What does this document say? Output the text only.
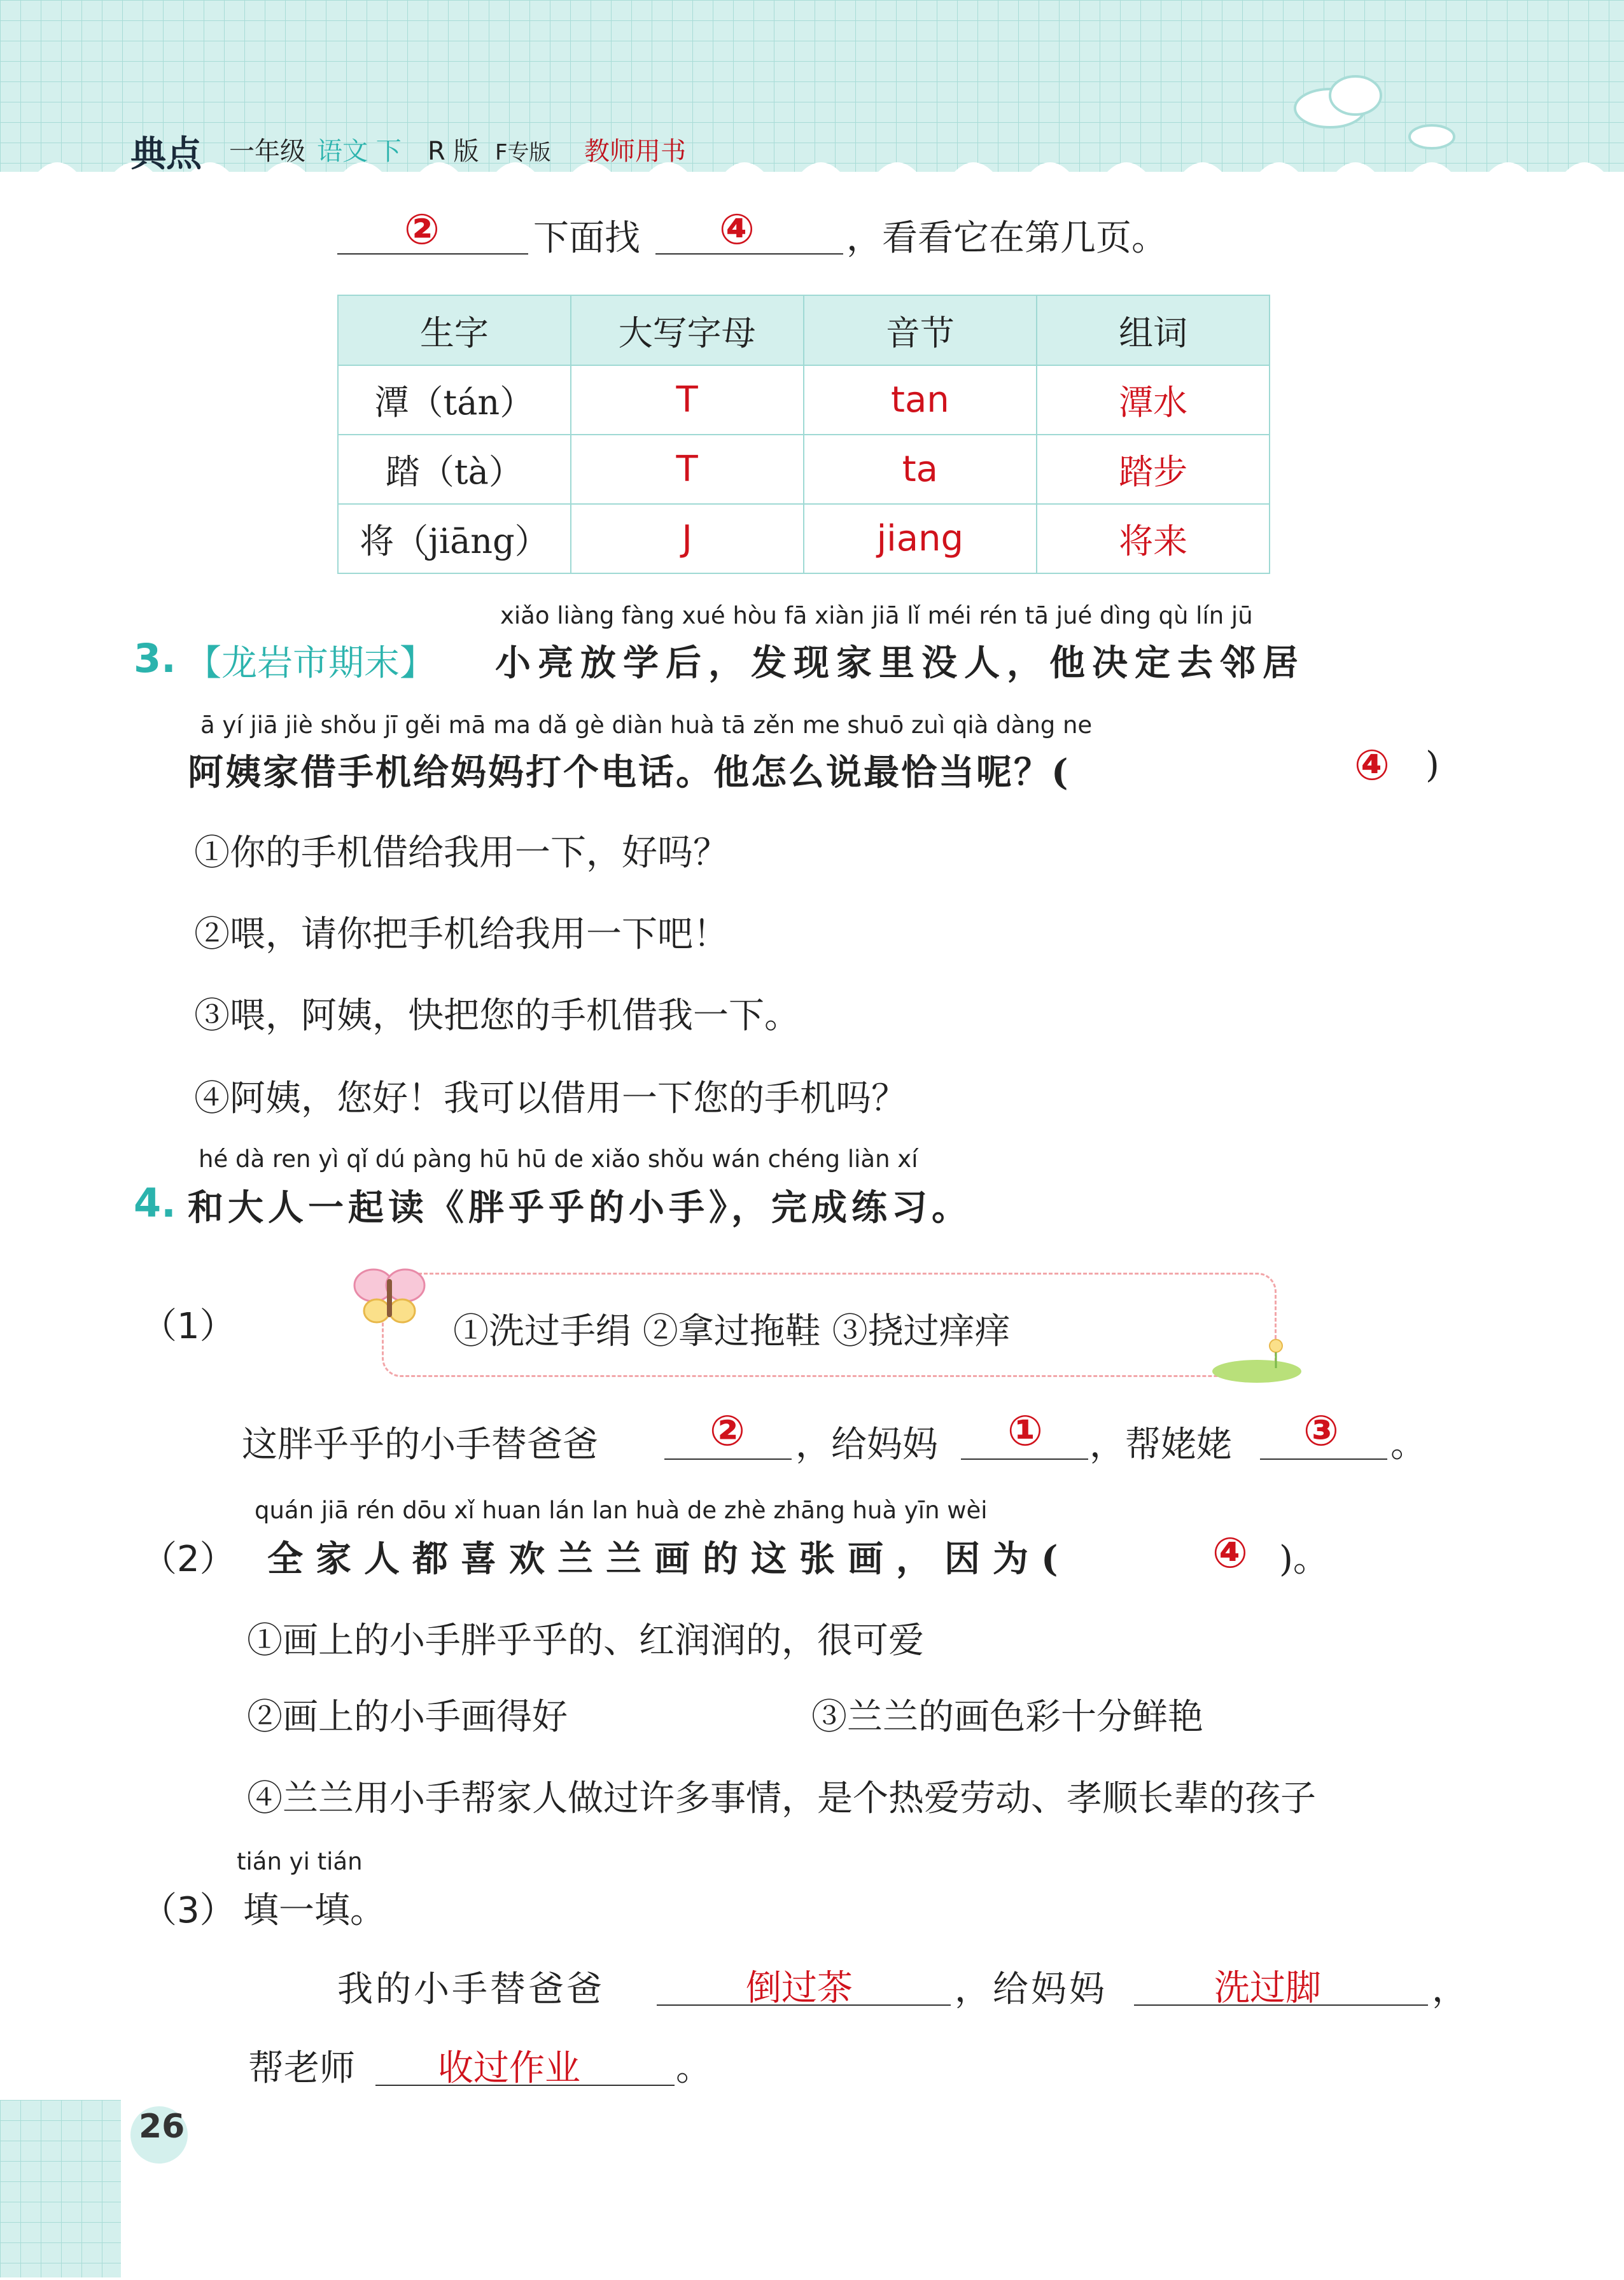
典点 一年级 语文 下 R 版 F专版 教师用书
②	下面找 ④	，看看它在第几页。
生字	大写字母	音节	组词
潭（tán）	T	tan	潭水
踏（tà）	T	ta	踏步
将（jiāng）	J	jiang	将来
xiǎo liàng fàng xué hòu fā xiàn jiā lǐ méi rén tā jué dìng qù lín jū
3. 【龙岩市期末】 小亮放学后，发现家里没人，他决定去邻居
ā yí jiā jiè shǒu jī gěi mā ma dǎ gè diàn huà tā zěn me shuō zuì qià dàng ne
阿姨家借手机给妈妈打个电话。他怎么说最恰当呢？(	④ )
①你的手机借给我用一下，好吗？
②喂，请你把手机给我用一下吧！
③喂，阿姨，快把您的手机借我一下。
④阿姨，您好！我可以借用一下您的手机吗？
hé dà ren yì qǐ dú pàng hū hū de xiǎo shǒu wán chéng liàn xí
4. 和大人一起读《胖乎乎的小手》，完成练习。
（1）	①洗过手绢 ②拿过拖鞋 ③挠过痒痒
这胖乎乎的小手替爸爸	② ，给妈妈 ① ，帮姥姥 ③ 。
quán jiā rén dōu xǐ huan lán lan huà de zhè zhāng huà yīn wèi
（2） 全家人都喜欢兰兰画的这张画，因为(	④ )。
①画上的小手胖乎乎的、红润润的，很可爱
②画上的小手画得好	③兰兰的画色彩十分鲜艳
④兰兰用小手帮家人做过许多事情，是个热爱劳动、孝顺长辈的孩子
tián yi tián
（3） 填一填。
我的小手替爸爸	倒过茶	，给妈妈	洗过脚	，
帮老师 收过作业	。
26
